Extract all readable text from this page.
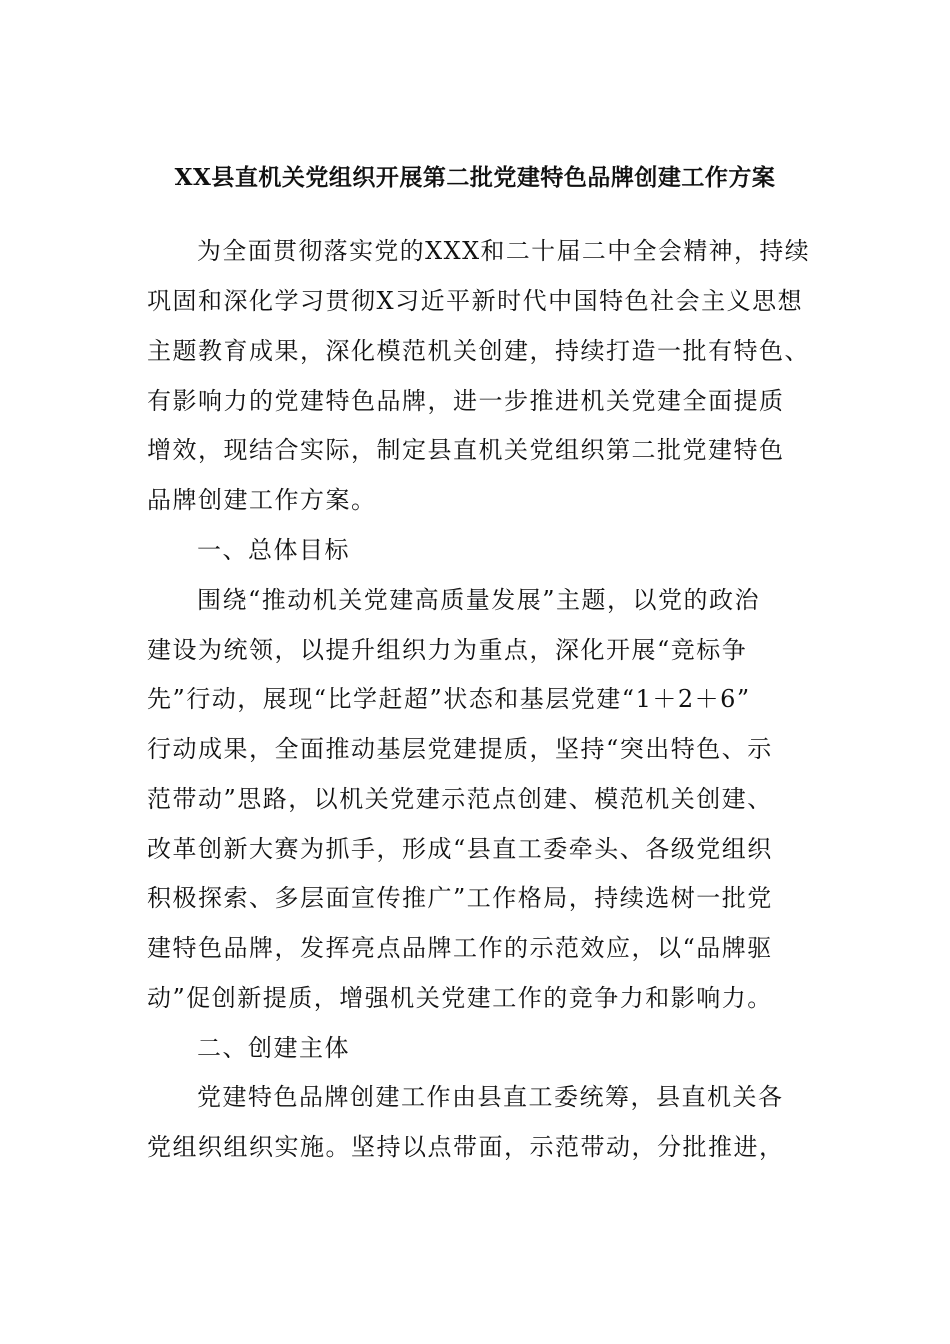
XX县直机关党组织开展第二批党建特色品牌创建工作方案
为全面贯彻落实党的XXX和二十届二中全会精神，持续
巩固和深化学习贯彻X习近平新时代中国特色社会主义思想
主题教育成果，深化模范机关创建，持续打造一批有特色、
有影响力的党建特色品牌，进一步推进机关党建全面提质
增效，现结合实际，制定县直机关党组织第二批党建特色
品牌创建工作方案。
一、总体目标
围绕“推动机关党建高质量发展”主题，以党的政治
建设为统领，以提升组织力为重点，深化开展“竞标争
先”行动，展现“比学赶超”状态和基层党建“1＋2＋6”
行动成果，全面推动基层党建提质，坚持“突出特色、示
范带动”思路，以机关党建示范点创建、模范机关创建、
改革创新大赛为抓手，形成“县直工委牵头、各级党组织
积极探索、多层面宣传推广”工作格局，持续选树一批党
建特色品牌，发挥亮点品牌工作的示范效应，以“品牌驱
动”促创新提质，增强机关党建工作的竞争力和影响力。
二、创建主体
党建特色品牌创建工作由县直工委统筹，县直机关各
党组织组织实施。坚持以点带面，示范带动，分批推进，
